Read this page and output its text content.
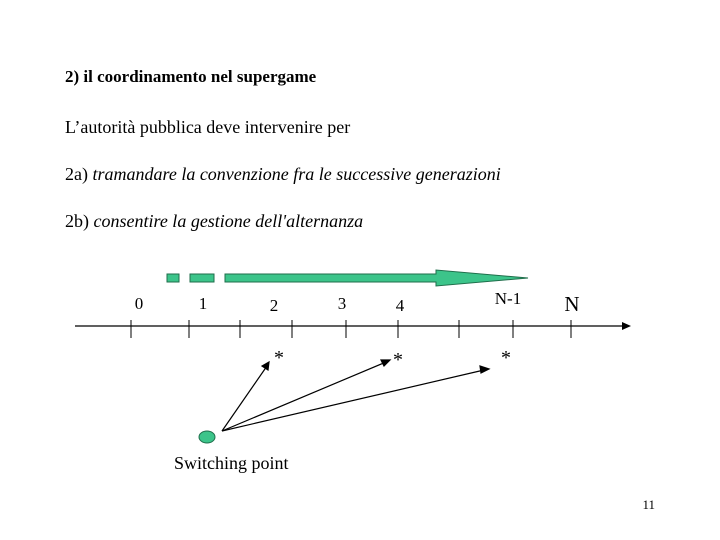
2) il coordinamento nel supergame
L’autorità pubblica deve intervenire per
2a) tramandare la convenzione fra le successive generazioni
2b) consentire la gestione dell'alternanza
0	1	2	3	4	N-1 N
*	*	*
Switching point
11
